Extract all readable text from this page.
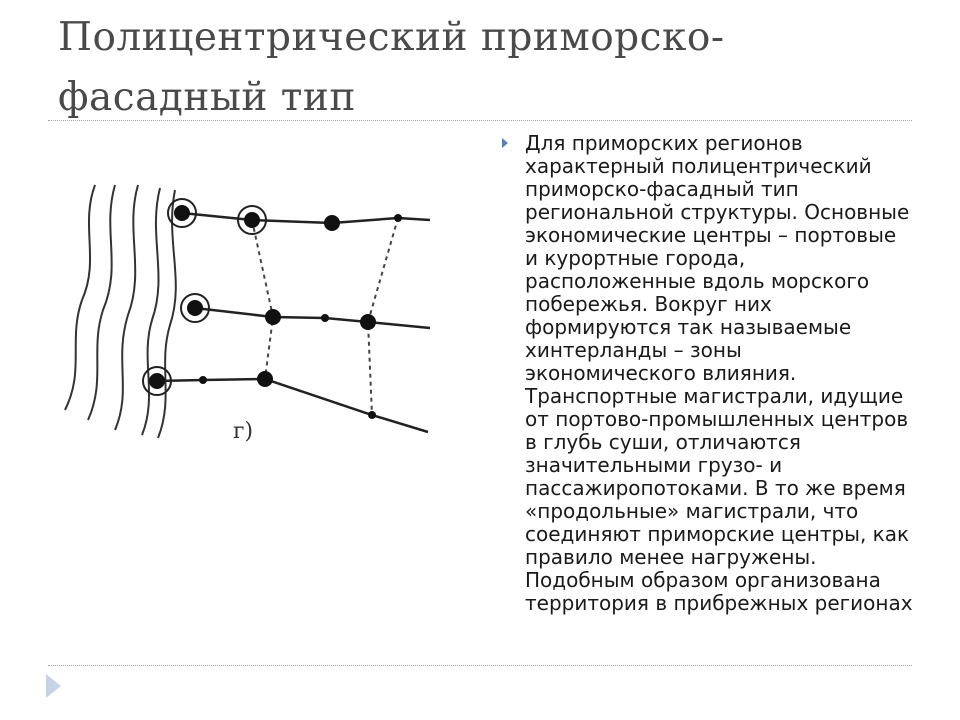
Полицентрический приморско-фасадный тип
г)

Для приморских регионов характерный полицентрический приморско-фасадный тип региональной структуры. Основные экономические центры – портовые и курортные города, расположенные вдоль морского побережья. Вокруг них формируются так называемые хинтерланды – зоны экономического влияния. Транспортные магистрали, идущие от портово-промышленных центров в глубь суши, отличаются значительными грузо- и пассажиропотоками. В то же время «продольные» магистрали, что соединяют приморские центры, как правило менее нагружены. Подобным образом организована территория в прибрежных регионах
